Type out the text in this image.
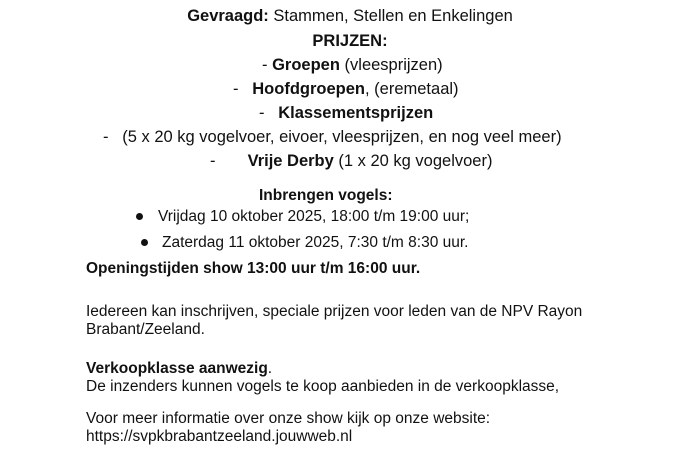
Gevraagd: Stammen, Stellen en Enkelingen
PRIJZEN:
- Groepen (vleesprijzen)
-   Hoofdgroepen, (eremetaal)
-   Klassementsprijzen
-   (5 x 20 kg vogelvoer, eivoer, vleesprijzen, en nog veel meer)
-       Vrije Derby (1 x 20 kg vogelvoer)
Inbrengen vogels:
Vrijdag 10 oktober 2025, 18:00 t/m 19:00 uur;
Zaterdag 11 oktober 2025, 7:30 t/m 8:30 uur.
Openingstijden show 13:00 uur t/m 16:00 uur.
Iedereen kan inschrijven, speciale prijzen voor leden van de NPV Rayon
Brabant/Zeeland.
Verkoopklasse aanwezig.
De inzenders kunnen vogels te koop aanbieden in de verkoopklasse,
Voor meer informatie over onze show kijk op onze website:
https://svpkbrabantzeeland.jouwweb.nl
